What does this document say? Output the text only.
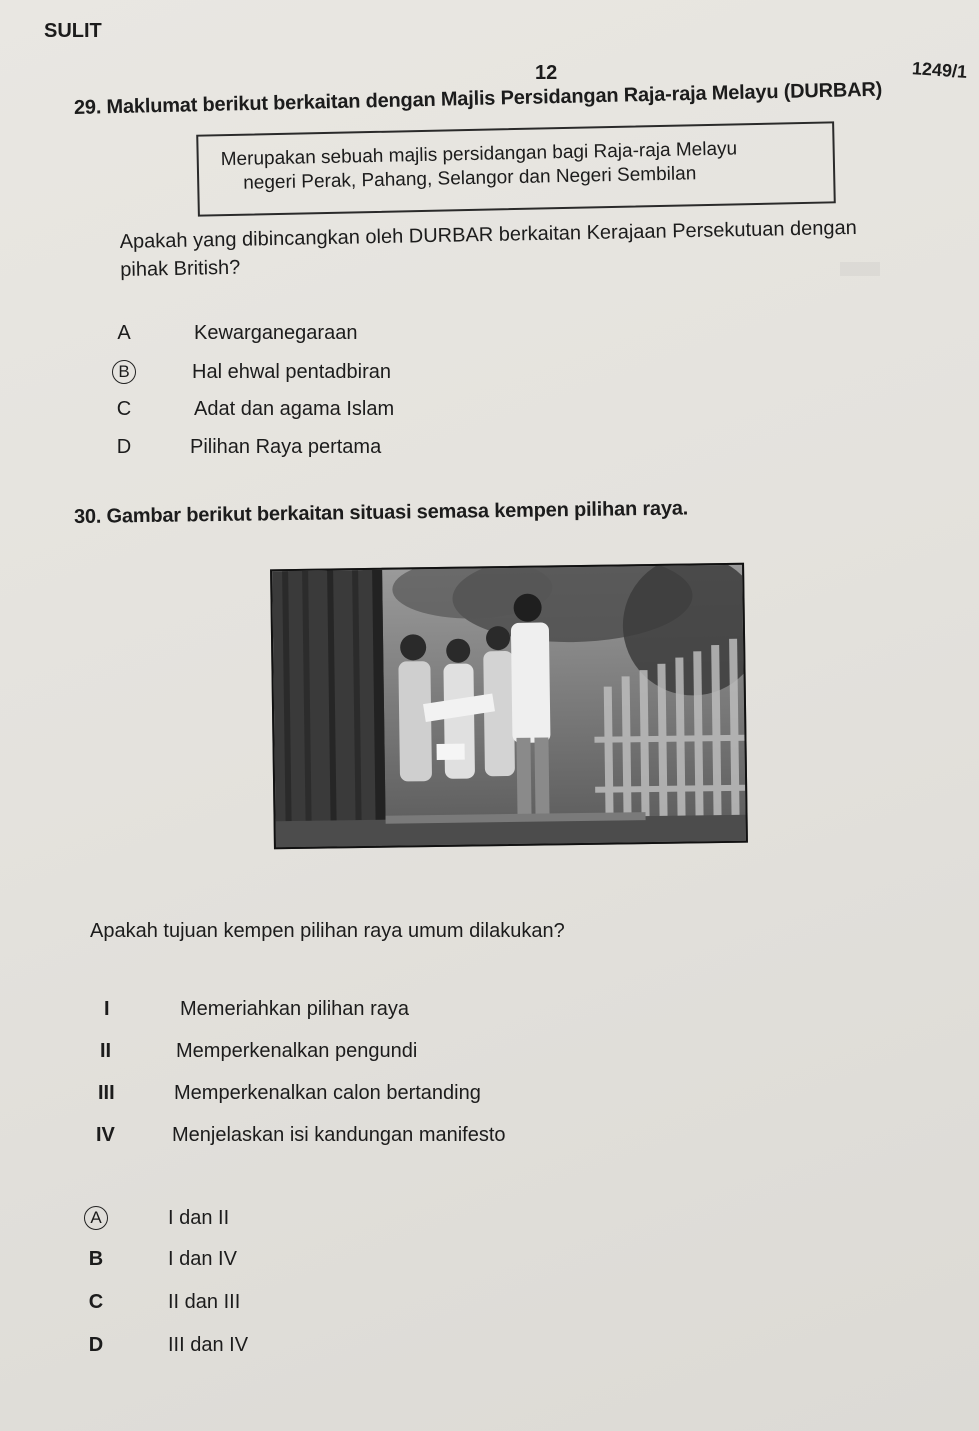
SULIT
12	1249/1
29. Maklumat berikut berkaitan dengan Majlis Persidangan Raja-raja Melayu (DURBAR)
Merupakan sebuah majlis persidangan bagi Raja-raja Melayu
negeri Perak, Pahang, Selangor dan Negeri Sembilan
Apakah yang dibincangkan oleh DURBAR berkaitan Kerajaan Persekutuan dengan
pihak British?
A	Kewarganegaraan
B	Hal ehwal pentadbiran
C	Adat dan agama Islam
D	Pilihan Raya pertama
30. Gambar berikut berkaitan situasi semasa kempen pilihan raya.
Apakah tujuan kempen pilihan raya umum dilakukan?
I	Memeriahkan pilihan raya
II	Memperkenalkan pengundi
III	Memperkenalkan calon bertanding
IV	Menjelaskan isi kandungan manifesto
A	I dan II
B	I dan IV
C	II dan III
D	III dan IV
